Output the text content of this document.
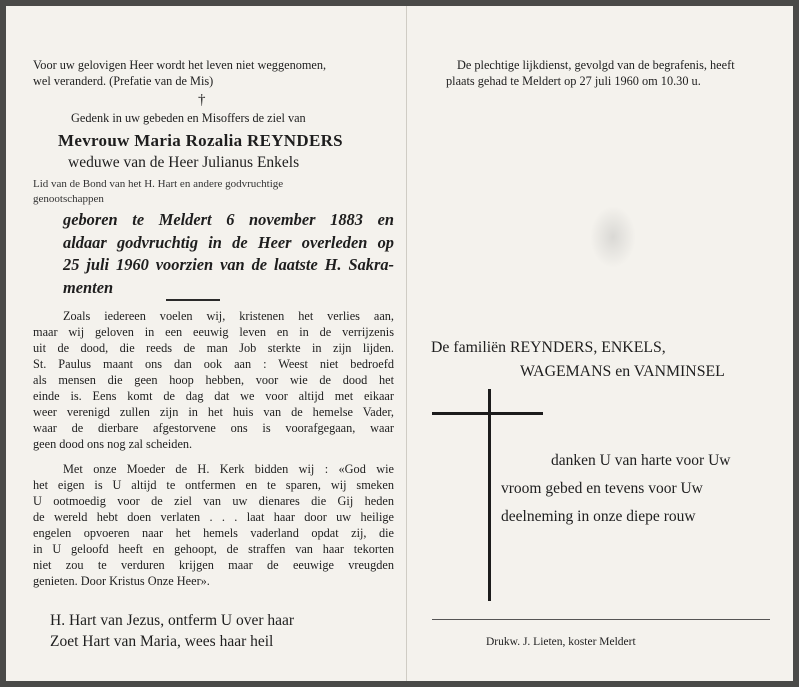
Voor uw gelovigen Heer wordt het leven niet weggenomen,
wel veranderd. (Prefatie van de Mis)
†
Gedenk in uw gebeden en Misoffers de ziel van
Mevrouw Maria Rozalia REYNDERS
weduwe van de Heer Julianus Enkels
Lid van de Bond van het H. Hart en andere godvruchtige
genootschappen
geboren te Meldert 6 november 1883 en
aldaar godvruchtig in de Heer overleden op
25 juli 1960 voorzien van de laatste H. Sakra-
menten
Zoals iedereen voelen wij, kristenen het verlies aan,
maar wij geloven in een eeuwig leven en in de verrijzenis
uit de dood, die reeds de man Job sterkte in zijn lijden.
St. Paulus maant ons dan ook aan : Weest niet bedroefd
als mensen die geen hoop hebben, voor wie de dood het
einde is. Eens komt de dag dat we voor altijd met eikaar
weer verenigd zullen zijn in het huis van de hemelse Vader,
waar de dierbare afgestorvene ons is voorafgegaan, waar
geen dood ons nog zal scheiden.
Met onze Moeder de H. Kerk bidden wij : «God wie
het eigen is U altijd te ontfermen en te sparen, wij smeken
U ootmoedig voor de ziel van uw dienares die Gij heden
de wereld hebt doen verlaten . . . laat haar door uw heilige
engelen opvoeren naar het hemels vaderland opdat zij, die
in U geloofd heeft en gehoopt, de straffen van haar tekorten
niet zou te verduren krijgen maar de eeuwige vreugden
genieten. Door Kristus Onze Heer».
H. Hart van Jezus, ontferm U over haar
Zoet Hart van Maria, wees haar heil
De plechtige lijkdienst, gevolgd van de begrafenis, heeft
plaats gehad te Meldert op 27 juli 1960 om 10.30 u.
De familiën REYNDERS, ENKELS,
WAGEMANS en VANMINSEL
danken U van harte voor Uw
vroom gebed en tevens voor Uw
deelneming in onze diepe rouw
Drukw. J. Lieten, koster Meldert
